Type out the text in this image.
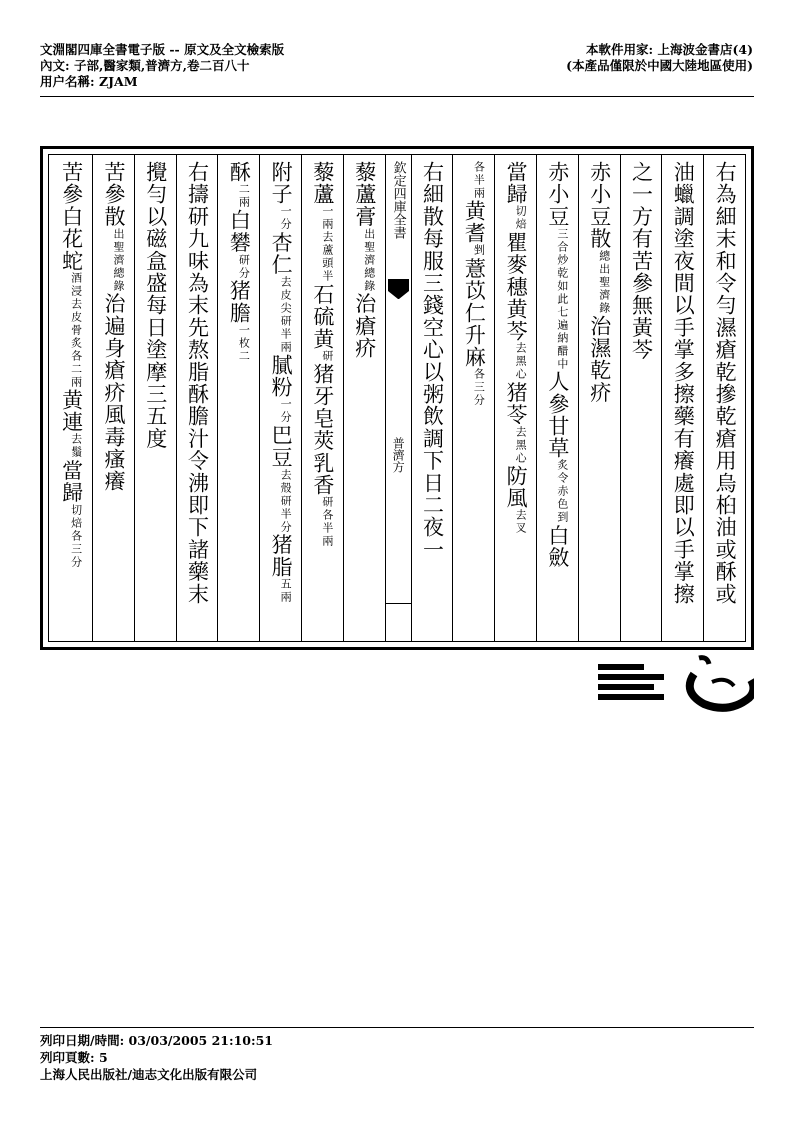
文淵閣四庫全書電子版 -- 原文及全文檢索版
內文: 子部,醫家類,普濟方,卷二百八十
用户名稱: ZJAM
本軟件用家: 上海波金書店(4)
(本產品僅限於中國大陸地區使用)
右為細末和令勻濕瘡乾摻乾瘡用烏桕油或酥或
油蠟調塗夜間以手掌多擦藥有癢處即以手掌擦
之一方有苦參無黃芩
赤小豆散總出聖濟錄治濕乾疥
赤小豆三合炒乾如此七遍納醋中人參甘草炙令赤色到白斂
當歸切焙瞿麥穗黄芩去黑心猪苓去黑心防風去叉
各半兩黄耆剉薏苡仁升麻各三分
右細散每服三錢空心以粥飲調下日二夜一
欽定四庫全書
普濟方
藜蘆膏出聖濟總錄治瘡疥
藜蘆一兩去蘆頭半石硫黄研猪牙皂莢乳香研各半兩
附子一分杏仁去皮尖研半兩膩粉一分巴豆去殼研半分猪脂五兩
酥二兩白礬研分猪膽一枚二
右擣研九味為末先熬脂酥膽汁令沸即下諸藥末
攪勻以磁盒盛每日塗摩三五度
苦參散出聖濟總錄治遍身瘡疥風毒瘙癢
苦參白花蛇酒浸去皮骨炙各二兩黄連去鬚當歸切焙各三分
列印日期/時間: 03/03/2005 21:10:51
列印頁數: 5
上海人民出版社/迪志文化出版有限公司
